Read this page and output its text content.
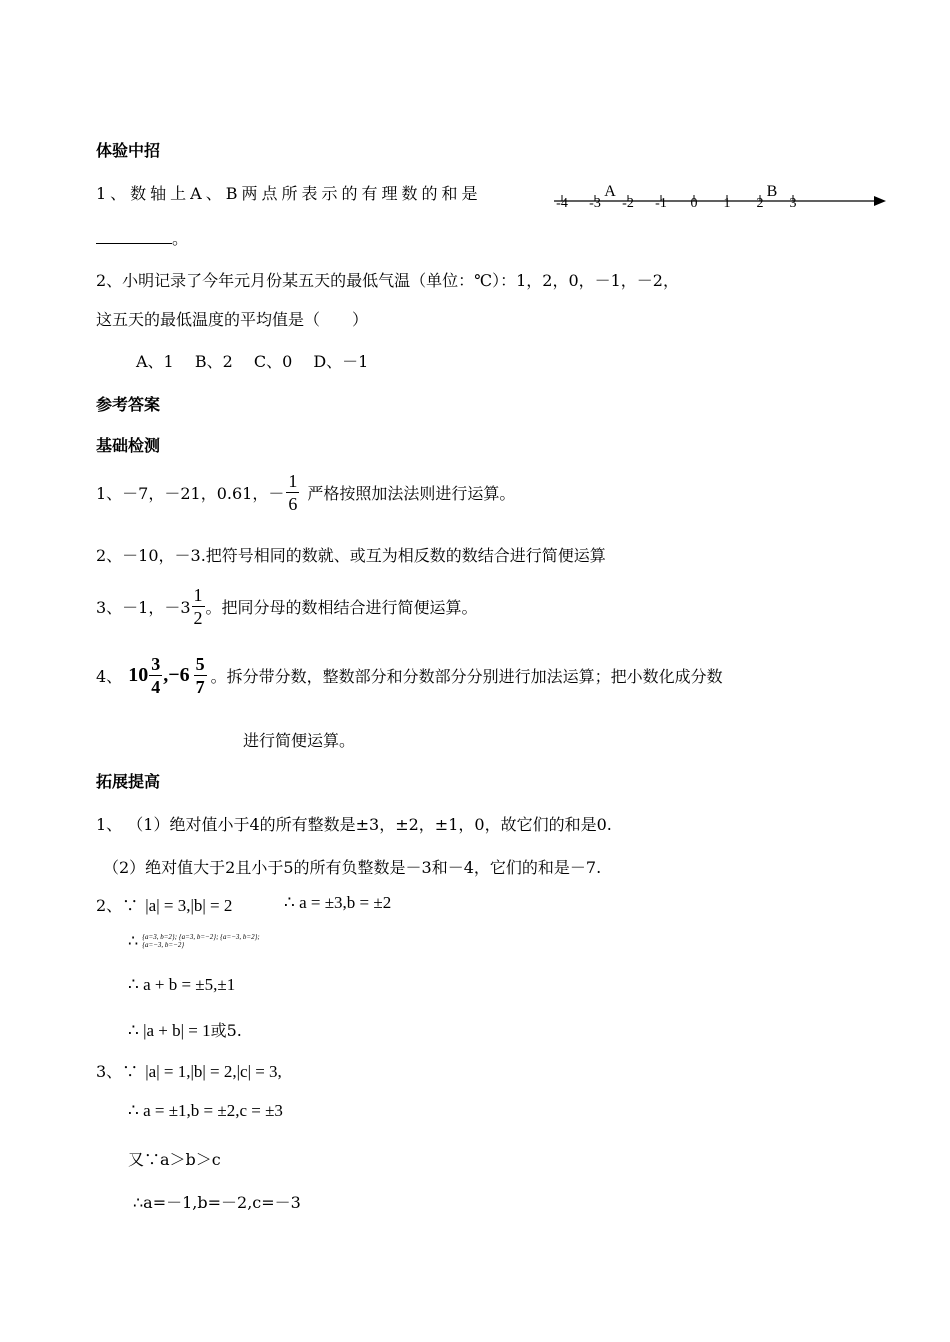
体验中招
1、数轴上A、B两点所表示的有理数的和是
-4 -3 -2 -1 0 1 2 3
A	B
。
2、小明记录了今年元月份某五天的最低气温（单位：℃）：1，2，0，－1，－2，
这五天的最低温度的平均值是（　　）
A、1　 B、2　 C、0　 D、－1
参考答案
基础检测
1、－7，－21，0.61，－ $\frac{1}{6}$ 严格按照加法法则进行运算。
2、－10，－3.把符号相同的数就、或互为相反数的数结合进行简便运算
3、－1，$-3 \frac{1}{2}$ 。把同分母的数相结合进行简便运算。
4、 $10 \frac{3}{4} ,-6 \frac{5}{7}$ 。拆分带分数，整数部分和分数部分分别进行加法运算；把小数化成分数
进行简便运算。
拓展提高
1、 （1）绝对值小于4的所有整数是±3，±2，±1，0，故它们的和是0.
（2）绝对值大于2且小于5的所有负整数是－3和－4，它们的和是－7.
2、∵ |a| = 3,|b| = 2	∴ a = ±3,b = ±2
∴ {a=3, b=2}; {a=3, b=−2}; {a=−3, b=2}; {a=−3, b=−2}
∴ a + b = ±5,±1
∴ |a + b| = 1或5.
3、∵ |a| = 1,|b| = 2,|c| = 3,
∴ a = ±1,b = ±2,c = ±3
又∵a＞b＞c
∴a=－1,b=－2,c=－3
